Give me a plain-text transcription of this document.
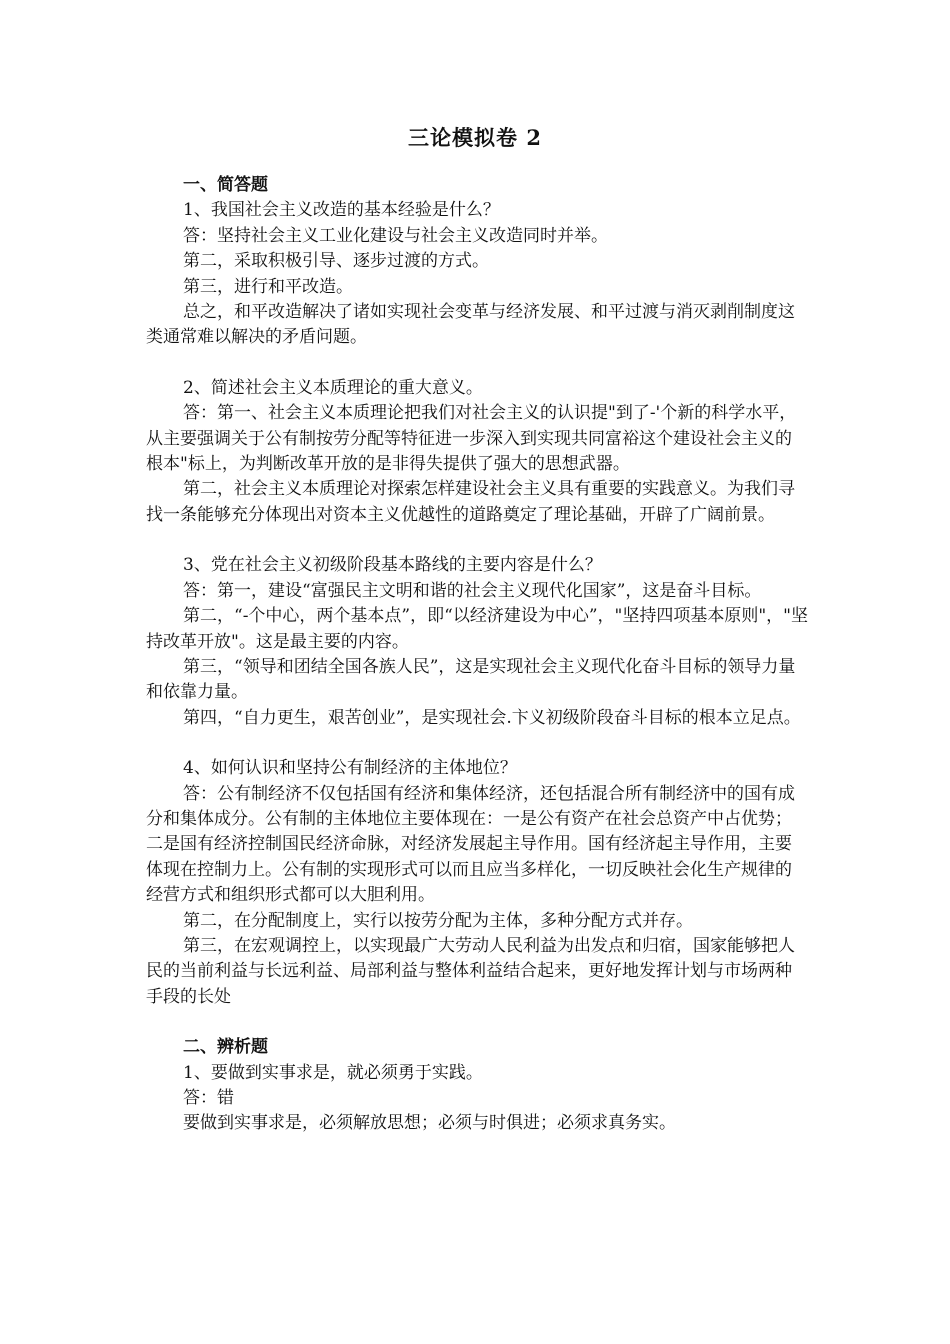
三论模拟卷 2

一、简答题

1、我国社会主义改造的基本经验是什么？

答：坚持社会主义工业化建设与社会主义改造同时并举。

第二，采取积极引导、逐步过渡的方式。

第三，进行和平改造。

总之，和平改造解决了诸如实现社会变革与经济发展、和平过渡与消灭剥削制度这类通常难以解决的矛盾问题。

2、简述社会主义本质理论的重大意义。

答：第一、社会主义本质理论把我们对社会主义的认识提"到了-'个新的科学水平，从主要强调关于公有制按劳分配等特征进一步深入到实现共同富裕这个建设社会主义的根本"标上，为判断改革开放的是非得失提供了强大的思想武器。

第二，社会主义本质理论对探索怎样建设社会主义具有重要的实践意义。为我们寻找一条能够充分体现出对资本主义优越性的道路奠定了理论基础，开辟了广阔前景。

3、党在社会主义初级阶段基本路线的主要内容是什么？

答：第一，建设“富强民主文明和谐的社会主义现代化国家”，这是奋斗目标。

第二，“-个中心，两个基本点”，即“以经济建设为中心”，"坚持四项基本原则"，"坚持改革开放"。这是最主要的内容。

第三，“领导和团结全国各族人民”，这是实现社会主义现代化奋斗目标的领导力量和依靠力量。

第四，“自力更生，艰苦创业”，是实现社会.卞义初级阶段奋斗目标的根本立足点。

4、如何认识和坚持公有制经济的主体地位？

答：公有制经济不仅包括国有经济和集体经济，还包括混合所有制经济中的国有成分和集体成分。公有制的主体地位主要体现在：一是公有资产在社会总资产中占优势；二是国有经济控制国民经济命脉，对经济发展起主导作用。国有经济起主导作用，主要体现在控制力上。公有制的实现形式可以而且应当多样化，一切反映社会化生产规律的经营方式和组织形式都可以大胆利用。

第二，在分配制度上，实行以按劳分配为主体，多种分配方式并存。

第三，在宏观调控上，以实现最广大劳动人民利益为出发点和归宿，国家能够把人民的当前利益与长远利益、局部利益与整体利益结合起来，更好地发挥计划与市场两种手段的长处

二、辨析题

1、要做到实事求是，就必须勇于实践。

答：错

要做到实事求是，必须解放思想；必须与时俱进；必须求真务实。
